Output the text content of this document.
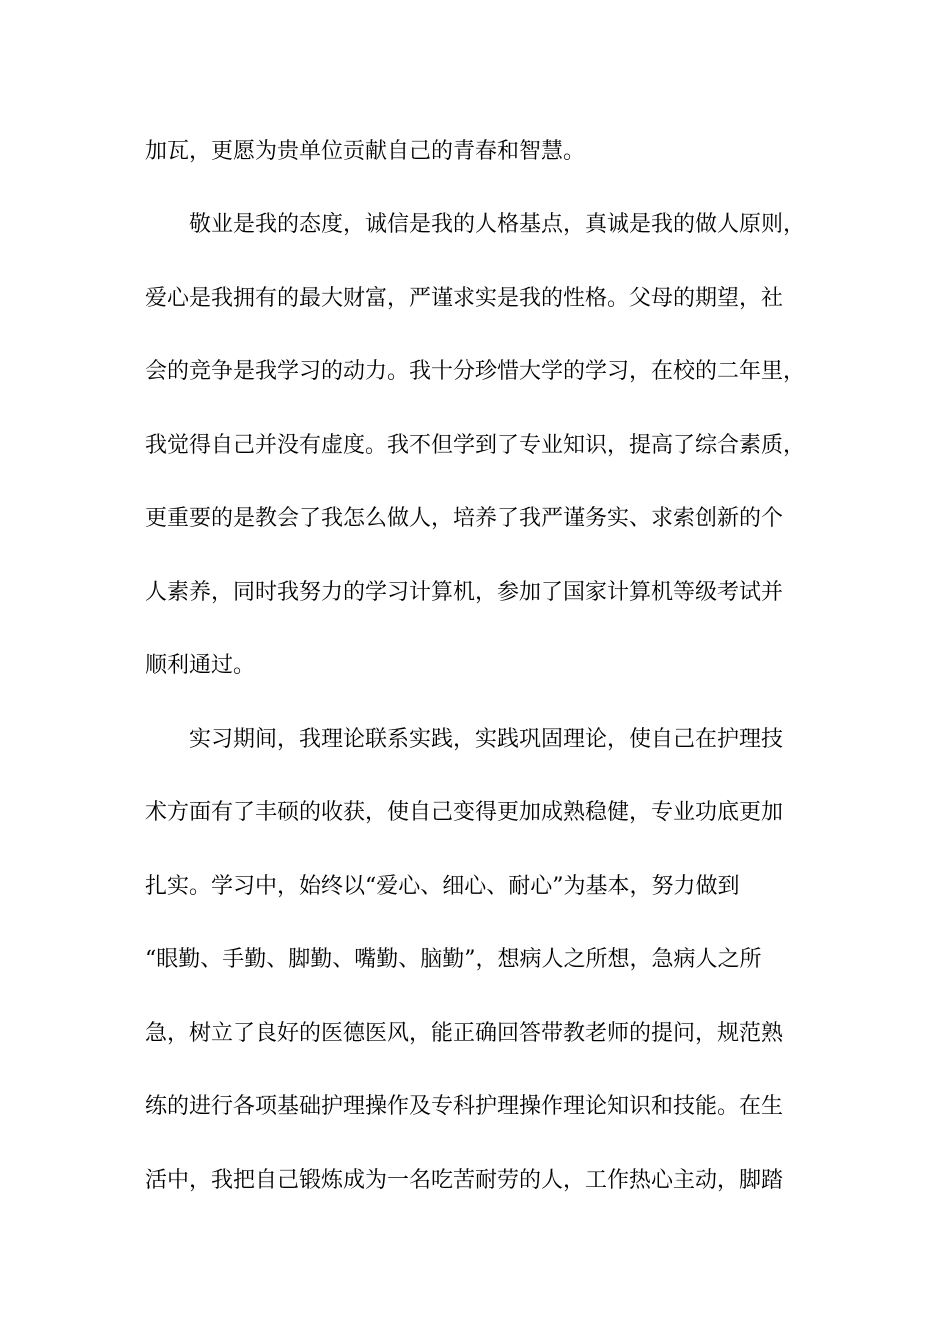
加瓦，更愿为贵单位贡献自己的青春和智慧。
敬业是我的态度，诚信是我的人格基点，真诚是我的做人原则，
爱心是我拥有的最大财富，严谨求实是我的性格。父母的期望，社
会的竞争是我学习的动力。我十分珍惜大学的学习，在校的二年里，
我觉得自己并没有虚度。我不但学到了专业知识，提高了综合素质，
更重要的是教会了我怎么做人，培养了我严谨务实、求索创新的个
人素养，同时我努力的学习计算机，参加了国家计算机等级考试并
顺利通过。
实习期间，我理论联系实践，实践巩固理论，使自己在护理技
术方面有了丰硕的收获，使自己变得更加成熟稳健，专业功底更加
扎实。学习中，始终以“爱心、细心、耐心”为基本，努力做到
“眼勤、手勤、脚勤、嘴勤、脑勤”，想病人之所想，急病人之所
急，树立了良好的医德医风，能正确回答带教老师的提问，规范熟
练的进行各项基础护理操作及专科护理操作理论知识和技能。在生
活中，我把自己锻炼成为一名吃苦耐劳的人，工作热心主动，脚踏
